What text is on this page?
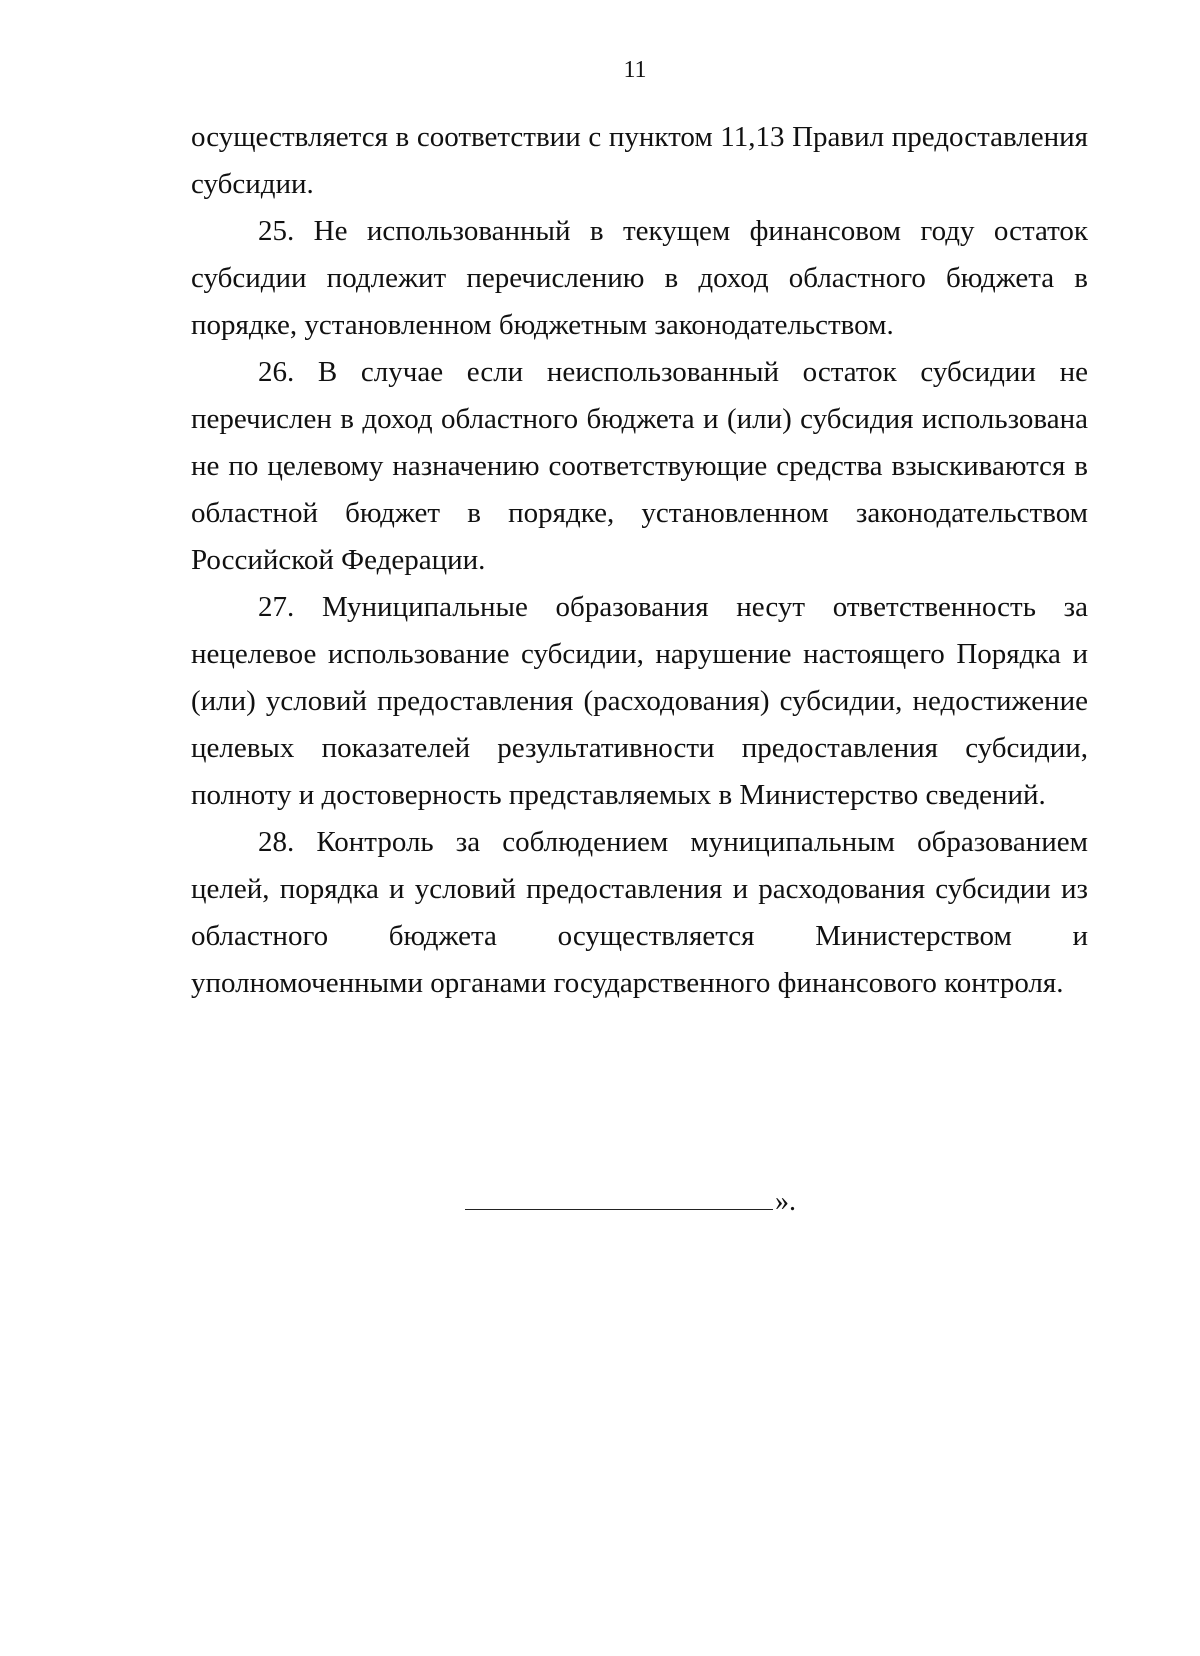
11

осуществляется в соответствии с пунктом 11,13 Правил предоставления субсидии.

25. Не использованный в текущем финансовом году остаток субсидии подлежит перечислению в доход областного бюджета в порядке, установленном бюджетным законодательством.

26. В случае если неиспользованный остаток субсидии не перечислен в доход областного бюджета и (или) субсидия использована не по целевому назначению соответствующие средства взыскиваются в областной бюджет в порядке, установленном законодательством Российской Федерации.

27. Муниципальные образования несут ответственность за нецелевое использование субсидии, нарушение настоящего Порядка и (или) условий предоставления (расходования) субсидии, недостижение целевых показателей результативности предоставления субсидии, полноту и достоверность представляемых в Министерство сведений.

28. Контроль за соблюдением муниципальным образованием целей, порядка и условий предоставления и расходования субсидии из областного бюджета осуществляется Министерством и уполномоченными органами государственного финансового контроля.

».
